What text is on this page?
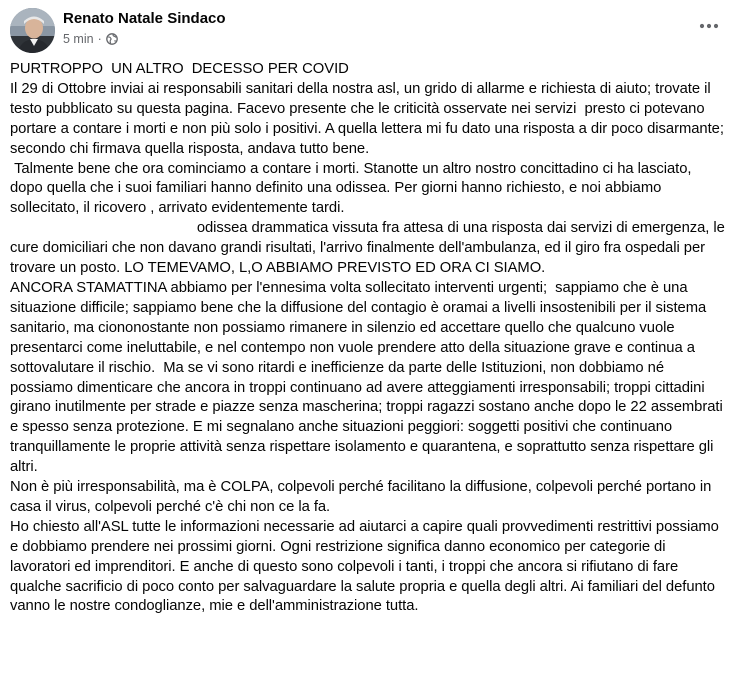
Renato Natale Sindaco
5 min ·

PURTROPPO  UN ALTRO  DECESSO PER COVID

Il 29 di Ottobre inviai ai responsabili sanitari della nostra asl, un grido di allarme e richiesta di aiuto; trovate il testo pubblicato su questa pagina. Facevo presente che le criticità osservate nei servizi  presto ci potevano portare a contare i morti e non più solo i positivi. A quella lettera mi fu dato una risposta a dir poco disarmante; secondo chi firmava quella risposta, andava tutto bene.

Talmente bene che ora cominciamo a contare i morti. Stanotte un altro nostro concittadino ci ha lasciato, dopo quella che i suoi familiari hanno definito una odissea. Per giorni hanno richiesto, e noi abbiamo sollecitato, il ricovero , arrivato evidentemente tardi.

odissea drammatica vissuta fra attesa di una risposta dai servizi di emergenza, le cure domiciliari che non davano grandi risultati, l'arrivo finalmente dell'ambulanza, ed il giro fra ospedali per trovare un posto. LO TEMEVAMO, L,O ABBIAMO PREVISTO ED ORA CI SIAMO.

ANCORA STAMATTINA abbiamo per l'ennesima volta sollecitato interventi urgenti;  sappiamo che è una situazione difficile; sappiamo bene che la diffusione del contagio è oramai a livelli insostenibili per il sistema sanitario, ma ciononostante non possiamo rimanere in silenzio ed accettare quello che qualcuno vuole presentarci come ineluttabile, e nel contempo non vuole prendere atto della situazione grave e continua a sottovalutare il rischio.  Ma se vi sono ritardi e inefficienze da parte delle Istituzioni, non dobbiamo né possiamo dimenticare che ancora in troppi continuano ad avere atteggiamenti irresponsabili; troppi cittadini girano inutilmente per strade e piazze senza mascherina; troppi ragazzi sostano anche dopo le 22 assembrati e spesso senza protezione. E mi segnalano anche situazioni peggiori: soggetti positivi che continuano tranquillamente le proprie attività senza rispettare isolamento e quarantena, e soprattutto senza rispettare gli altri.

Non è più irresponsabilità, ma è COLPA, colpevoli perché facilitano la diffusione, colpevoli perché portano in casa il virus, colpevoli perché c'è chi non ce la fa.

Ho chiesto all'ASL tutte le informazioni necessarie ad aiutarci a capire quali provvedimenti restrittivi possiamo e dobbiamo prendere nei prossimi giorni. Ogni restrizione significa danno economico per categorie di lavoratori ed imprenditori. E anche di questo sono colpevoli i tanti, i troppi che ancora si rifiutano di fare qualche sacrificio di poco conto per salvaguardare la salute propria e quella degli altri. Ai familiari del defunto vanno le nostre condoglianze, mie e dell'amministrazione tutta.
